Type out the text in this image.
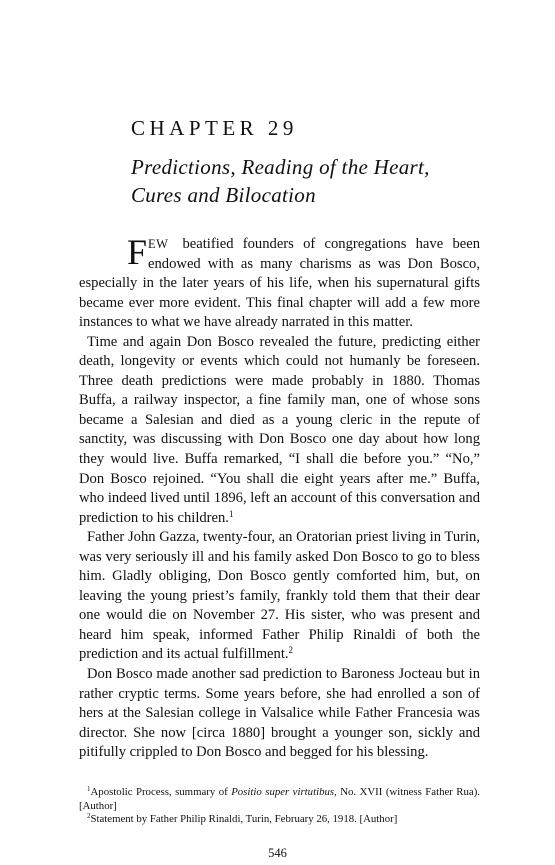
CHAPTER 29
Predictions, Reading of the Heart,
Cures and Bilocation

FEW beatified founders of congregations have been endowed with as many charisms as was Don Bosco, especially in the later years of his life, when his supernatural gifts became ever more evident. This final chapter will add a few more instances to what we have already narrated in this matter.

Time and again Don Bosco revealed the future, predicting either death, longevity or events which could not humanly be foreseen. Three death predictions were made probably in 1880. Thomas Buffa, a railway inspector, a fine family man, one of whose sons became a Salesian and died as a young cleric in the repute of sanctity, was discussing with Don Bosco one day about how long they would live. Buffa remarked, “I shall die before you.” “No,” Don Bosco rejoined. “You shall die eight years after me.” Buffa, who indeed lived until 1896, left an account of this conversation and prediction to his children.$^1$

Father John Gazza, twenty-four, an Oratorian priest living in Turin, was very seriously ill and his family asked Don Bosco to go to bless him. Gladly obliging, Don Bosco gently comforted him, but, on leaving the young priest’s family, frankly told them that their dear one would die on November 27. His sister, who was present and heard him speak, informed Father Philip Rinaldi of both the prediction and its actual fulfillment.$^2$

Don Bosco made another sad prediction to Baroness Jocteau but in rather cryptic terms. Some years before, she had enrolled a son of hers at the Salesian college in Valsalice while Father Francesia was director. She now [circa 1880] brought a younger son, sickly and pitifully crippled to Don Bosco and begged for his blessing.

$^1$Apostolic Process, summary of Positio super virtutibus, No. XVII (witness Father Rua). [Author]

$^2$Statement by Father Philip Rinaldi, Turin, February 26, 1918. [Author]

546
